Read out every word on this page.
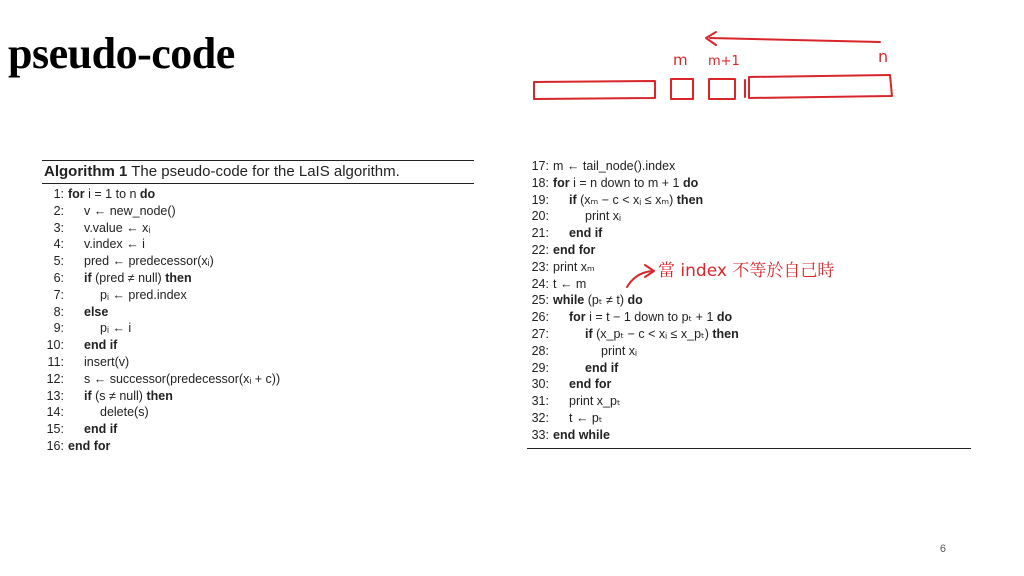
pseudo-code
Algorithm 1 The pseudo-code for the LaIS algorithm.
1: for i = 1 to n do
2: v ← new_node()
3: v.value ← xᵢ
4: v.index ← i
5: pred ← predecessor(xᵢ)
6: if (pred ≠ null) then
7:	pᵢ ← pred.index
8: else
9:	pᵢ ← i
10: end if
11: insert(v)
12: s ← successor(predecessor(xᵢ + c))
13: if (s ≠ null) then
14:	delete(s)
15: end if
16: end for
17: m ← tail_node().index
18: for i = n down to m + 1 do
19: if (xₘ − c < xᵢ ≤ xₘ) then
20:	print xᵢ
21: end if
22: end for
23: print xₘ
24: t ← m
25: while (pₜ ≠ t) do
26: for i = t − 1 down to pₜ + 1 do
27:	if (x_pₜ − c < xᵢ ≤ x_pₜ) then
28:	print xᵢ
29:	end if
30: end for
31: print x_pₜ
32: t ← pₜ
33: end while
m m+1	n
當 index 不等於自己時
6
